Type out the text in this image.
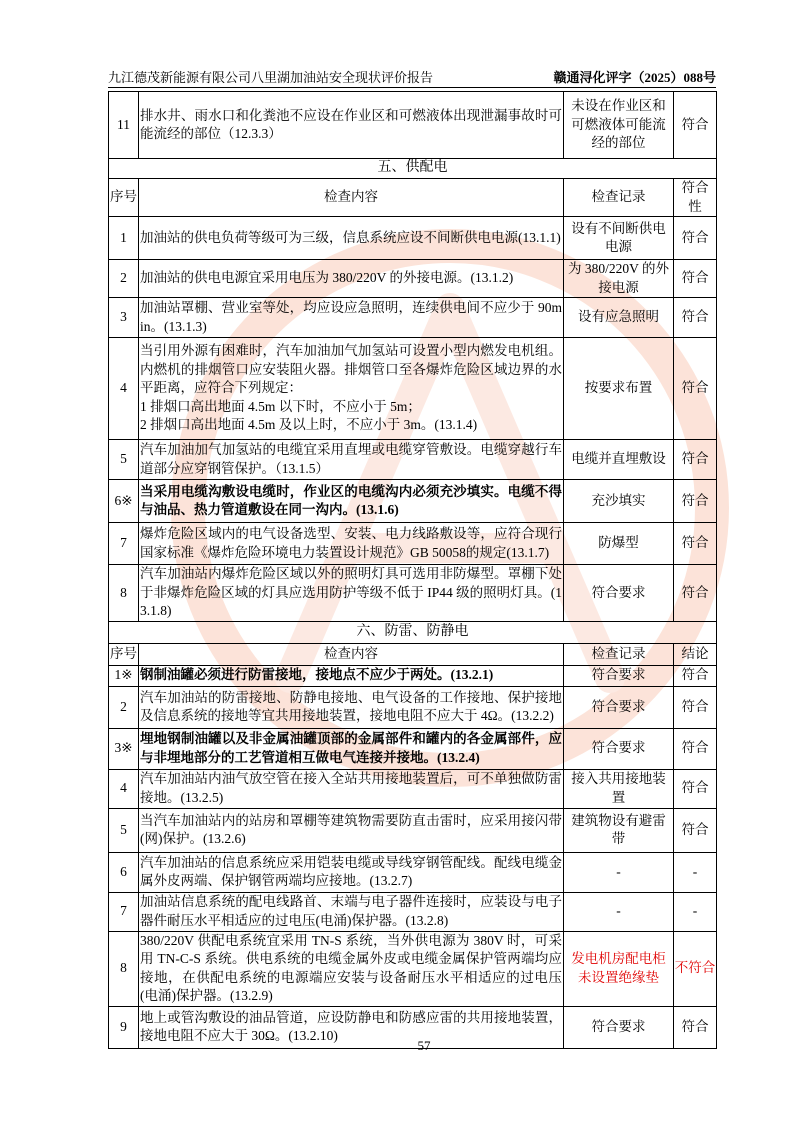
九江德茂新能源有限公司八里湖加油站安全现状评价报告	赣通浔化评字（2025）088号
11	排水井、雨水口和化粪池不应设在作业区和可燃液体出现泄漏事故时可能流经的部位（12.3.3）	未设在作业区和可燃液体可能流经的部位	符合
五、供配电			
序号	检查内容	检查记录	符合性
1	加油站的供电负荷等级可为三级，信息系统应设不间断供电电源(13.1.1)	设有不间断供电电源	符合
2	加油站的供电电源宜采用电压为 380/220V 的外接电源。(13.1.2)	为 380/220V 的外接电源	符合
3	加油站罩棚、营业室等处，均应设应急照明，连续供电间不应少于 90min。(13.1.3)	设有应急照明	符合
4	当引用外源有困难时，汽车加油加气加氢站可设置小型内燃发电机组。内燃机的排烟管口应安装阻火器。排烟管口至各爆炸危险区域边界的水平距离，应符合下列规定：
1 排烟口高出地面 4.5m 以下时，不应小于 5m；
2 排烟口高出地面 4.5m 及以上时，不应小于 3m。(13.1.4)	按要求布置	符合
5	汽车加油加气加氢站的电缆宜采用直埋或电缆穿管敷设。电缆穿越行车道部分应穿钢管保护。（13.1.5）	电缆并直埋敷设	符合
6※	当采用电缆沟敷设电缆时，作业区的电缆沟内必须充沙填实。电缆不得与油品、热力管道敷设在同一沟内。(13.1.6)	充沙填实	符合
7	爆炸危险区域内的电气设备选型、安装、电力线路敷设等，应符合现行国家标准《爆炸危险环境电力装置设计规范》GB 50058的规定(13.1.7)	防爆型	符合
8	汽车加油站内爆炸危险区域以外的照明灯具可选用非防爆型。罩棚下处于非爆炸危险区域的灯具应选用防护等级不低于 IP44 级的照明灯具。(13.1.8)	符合要求	符合
六、防雷、防静电			
序号	检查内容	检查记录	结论
1※	钢制油罐必须进行防雷接地，接地点不应少于两处。(13.2.1)	符合要求	符合
2	汽车加油站的防雷接地、防静电接地、电气设备的工作接地、保护接地及信息系统的接地等宜共用接地装置，接地电阻不应大于 4Ω。(13.2.2)	符合要求	符合
3※	埋地钢制油罐以及非金属油罐顶部的金属部件和罐内的各金属部件，应与非埋地部分的工艺管道相互做电气连接并接地。(13.2.4)	符合要求	符合
4	汽车加油站内油气放空管在接入全站共用接地装置后，可不单独做防雷接地。(13.2.5)	接入共用接地装置	符合
5	当汽车加油站内的站房和罩棚等建筑物需要防直击雷时，应采用接闪带(网)保护。(13.2.6)	建筑物设有避雷带	符合
6	汽车加油站的信息系统应采用铠装电缆或导线穿钢管配线。配线电缆金属外皮两端、保护钢管两端均应接地。(13.2.7)	-	-
7	加油站信息系统的配电线路首、末端与电子器件连接时，应装设与电子器件耐压水平相适应的过电压(电涌)保护器。(13.2.8)	-	-
8	380/220V 供配电系统宜采用 TN-S 系统，当外供电源为 380V 时，可采用 TN-C-S 系统。供电系统的电缆金属外皮或电缆金属保护管两端均应接地，在供配电系统的电源端应安装与设备耐压水平相适应的过电压(电涌)保护器。(13.2.9)	发电机房配电柜未设置绝缘垫	不符合
9	地上或管沟敷设的油品管道，应设防静电和防感应雷的共用接地装置，接地电阻不应大于 30Ω。(13.2.10)	符合要求	符合
57
